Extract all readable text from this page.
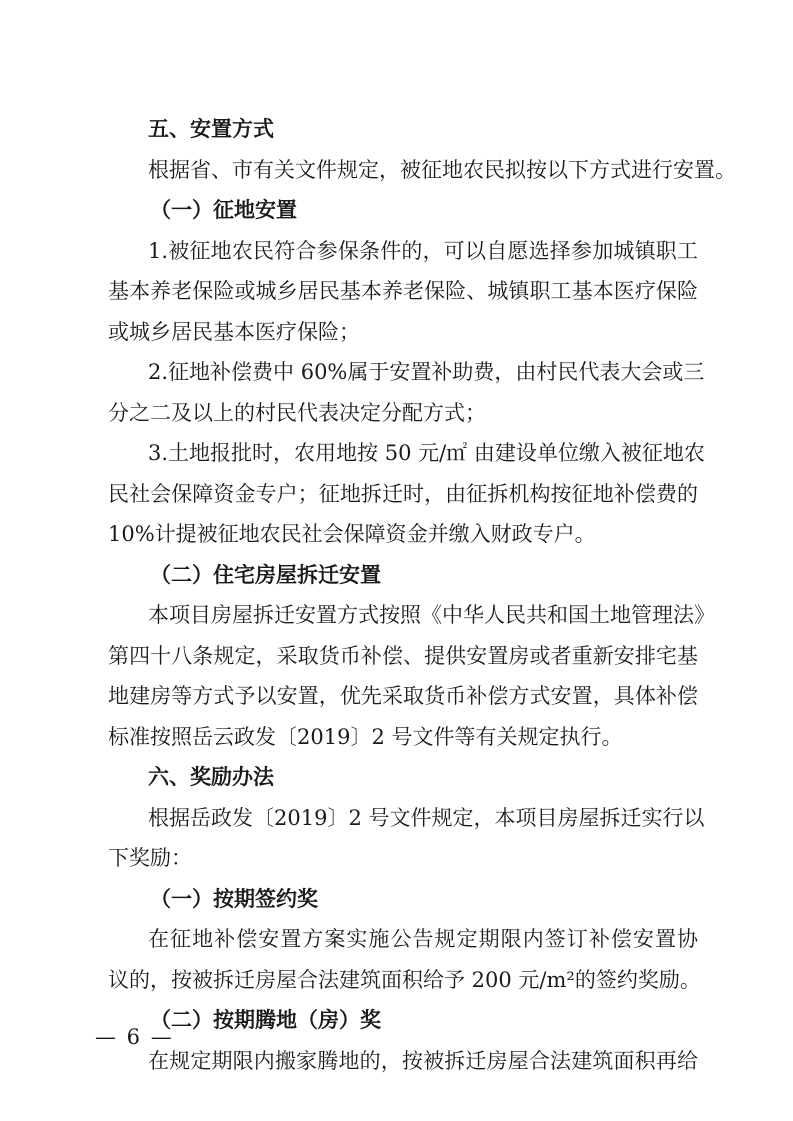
五、安置方式
根据省、市有关文件规定，被征地农民拟按以下方式进行安置。
（一）征地安置
1.被征地农民符合参保条件的，可以自愿选择参加城镇职工
基本养老保险或城乡居民基本养老保险、城镇职工基本医疗保险
或城乡居民基本医疗保险；
2.征地补偿费中 60%属于安置补助费，由村民代表大会或三
分之二及以上的村民代表决定分配方式；
3.土地报批时，农用地按 50 元/㎡ 由建设单位缴入被征地农
民社会保障资金专户；征地拆迁时，由征拆机构按征地补偿费的
10%计提被征地农民社会保障资金并缴入财政专户。
（二）住宅房屋拆迁安置
本项目房屋拆迁安置方式按照《中华人民共和国土地管理法》
第四十八条规定，采取货币补偿、提供安置房或者重新安排宅基
地建房等方式予以安置，优先采取货币补偿方式安置，具体补偿
标准按照岳云政发〔2019〕2 号文件等有关规定执行。
六、奖励办法
根据岳政发〔2019〕2 号文件规定，本项目房屋拆迁实行以
下奖励：
（一）按期签约奖
在征地补偿安置方案实施公告规定期限内签订补偿安置协
议的，按被拆迁房屋合法建筑面积给予 200 元/m²的签约奖励。
（二）按期腾地（房）奖
在规定期限内搬家腾地的，按被拆迁房屋合法建筑面积再给
— 6 —
